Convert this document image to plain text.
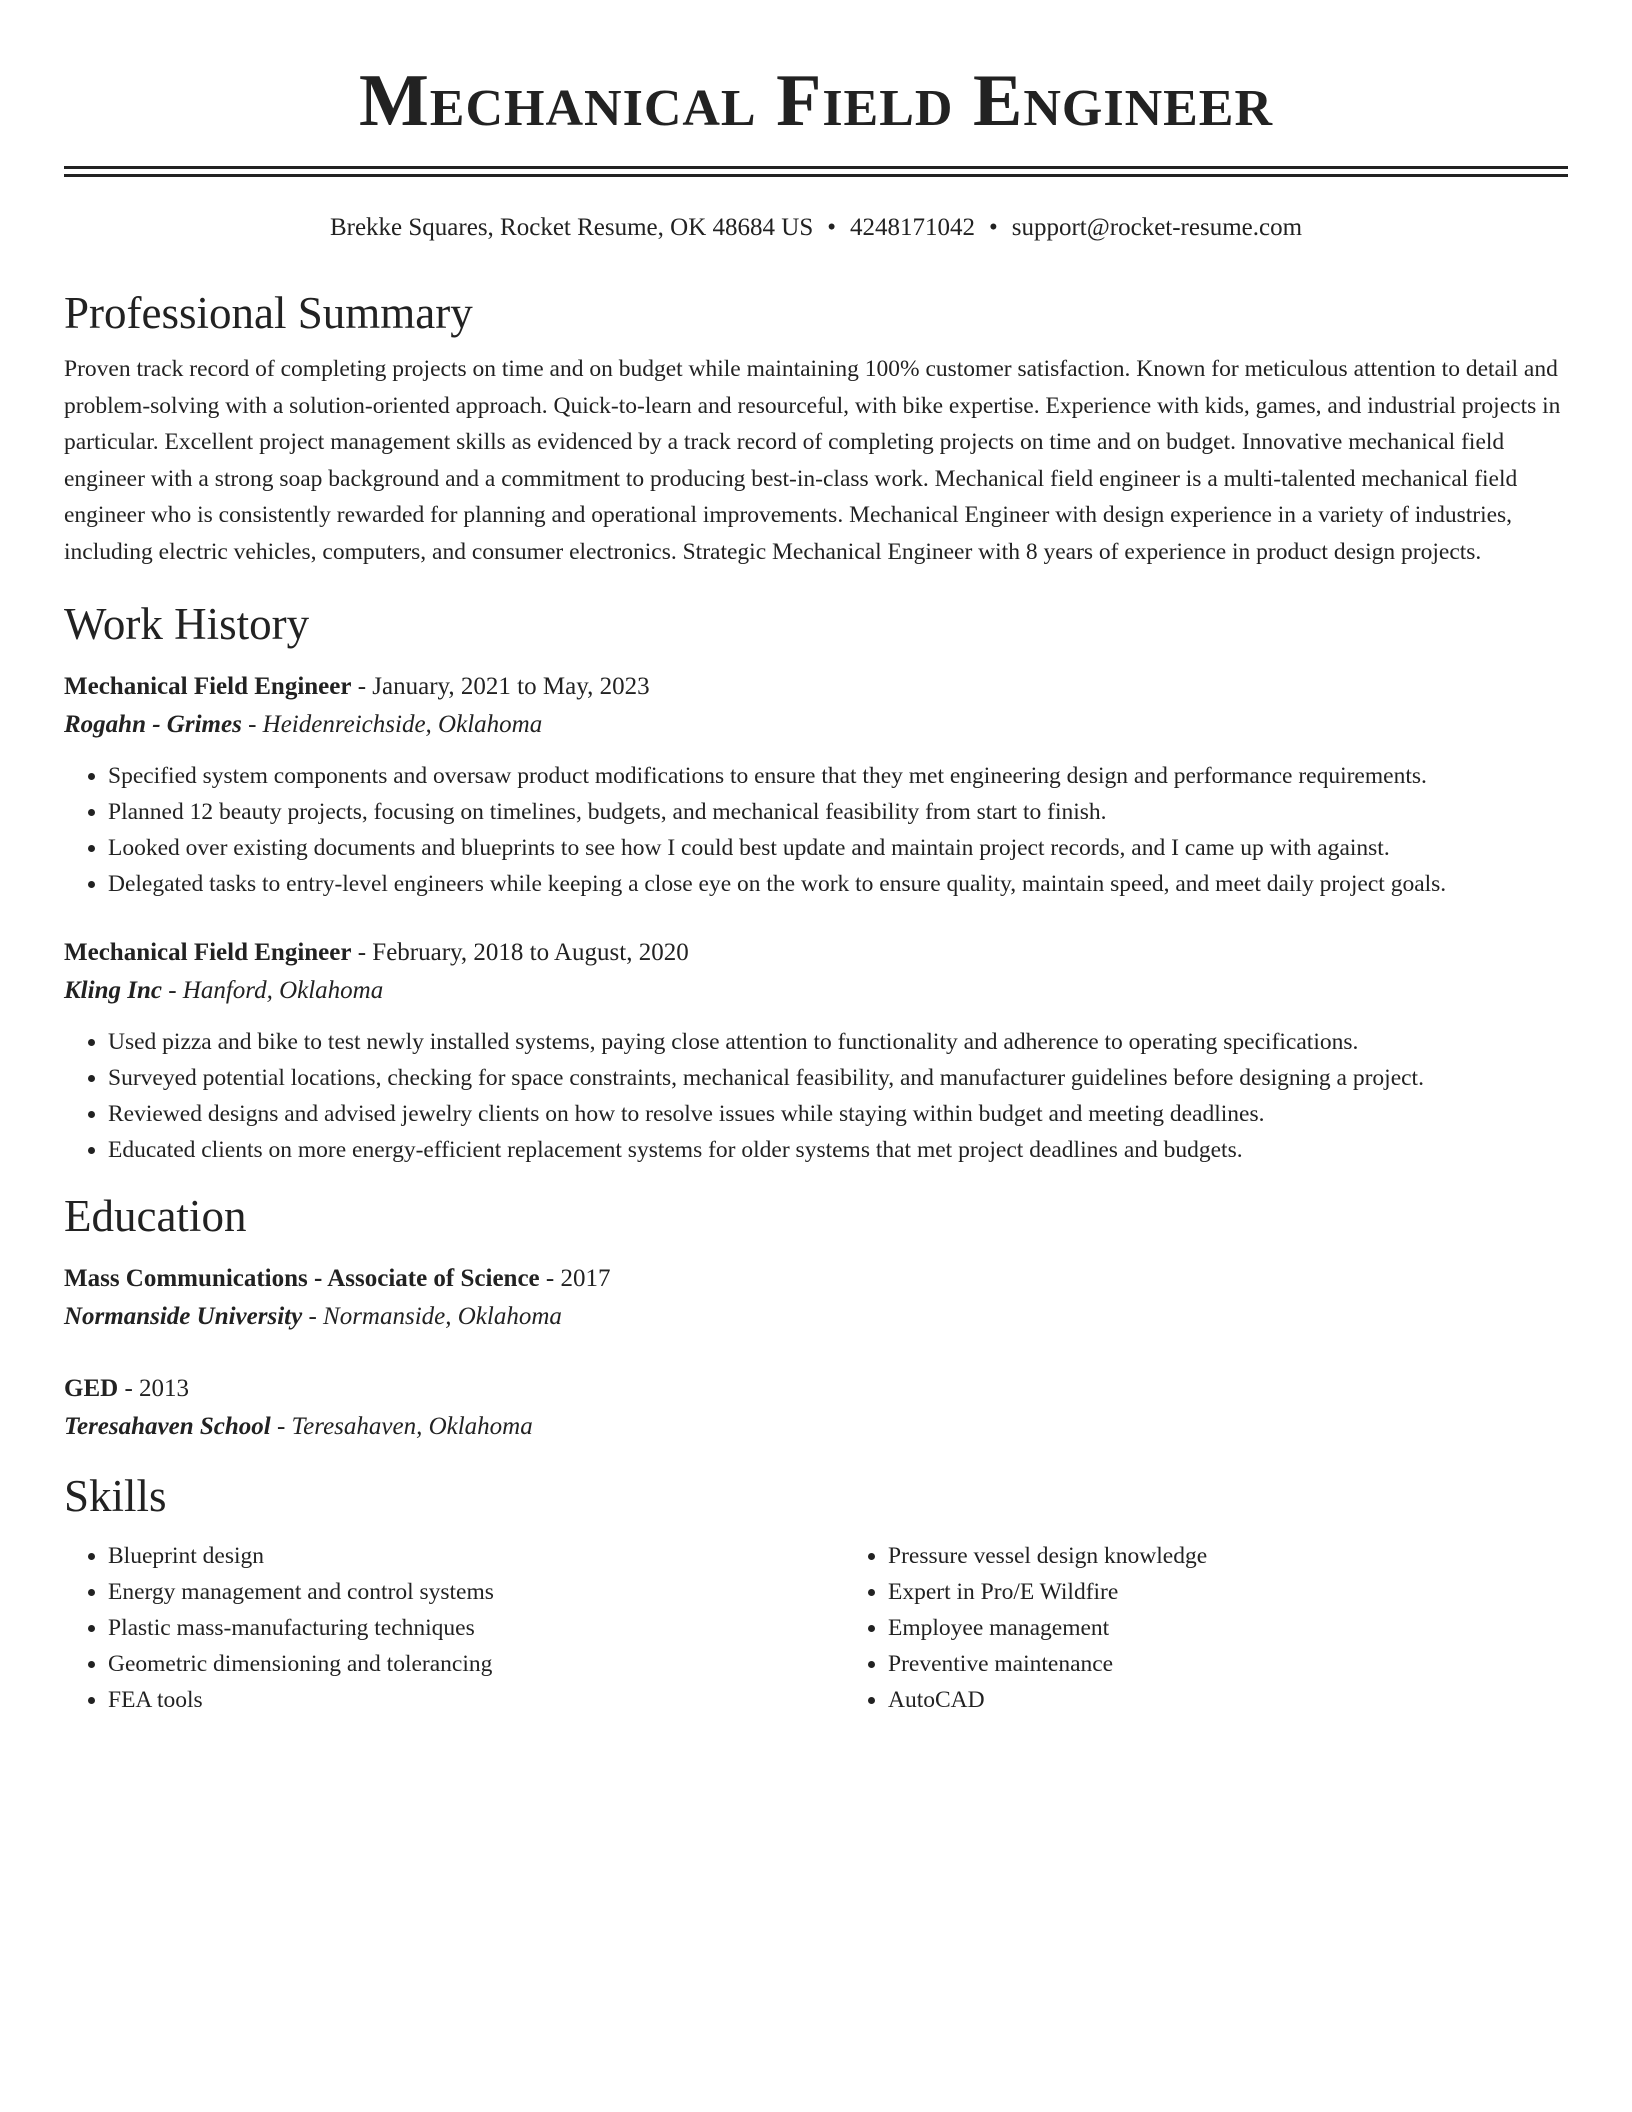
Mechanical Field Engineer
Brekke Squares, Rocket Resume, OK 48684 US • 4248171042 • support@rocket-resume.com
Professional Summary

Proven track record of completing projects on time and on budget while maintaining 100% customer satisfaction. Known for meticulous attention to detail and problem-solving with a solution-oriented approach. Quick-to-learn and resourceful, with bike expertise. Experience with kids, games, and industrial projects in particular. Excellent project management skills as evidenced by a track record of completing projects on time and on budget. Innovative mechanical field engineer with a strong soap background and a commitment to producing best-in-class work. Mechanical field engineer is a multi-talented mechanical field engineer who is consistently rewarded for planning and operational improvements. Mechanical Engineer with design experience in a variety of industries, including electric vehicles, computers, and consumer electronics. Strategic Mechanical Engineer with 8 years of experience in product design projects.

Work History
Mechanical Field Engineer - January, 2021 to May, 2023
Rogahn - Grimes - Heidenreichside, Oklahoma
• Specified system components and oversaw product modifications to ensure that they met engineering design and performance requirements.
• Planned 12 beauty projects, focusing on timelines, budgets, and mechanical feasibility from start to finish.
• Looked over existing documents and blueprints to see how I could best update and maintain project records, and I came up with against.
• Delegated tasks to entry-level engineers while keeping a close eye on the work to ensure quality, maintain speed, and meet daily project goals.
Mechanical Field Engineer - February, 2018 to August, 2020
Kling Inc - Hanford, Oklahoma
• Used pizza and bike to test newly installed systems, paying close attention to functionality and adherence to operating specifications.
• Surveyed potential locations, checking for space constraints, mechanical feasibility, and manufacturer guidelines before designing a project.
• Reviewed designs and advised jewelry clients on how to resolve issues while staying within budget and meeting deadlines.
• Educated clients on more energy-efficient replacement systems for older systems that met project deadlines and budgets.
Education
Mass Communications - Associate of Science - 2017
Normanside University - Normanside, Oklahoma
GED - 2013
Teresahaven School - Teresahaven, Oklahoma
Skills
• Blueprint design
• Energy management and control systems
• Plastic mass-manufacturing techniques
• Geometric dimensioning and tolerancing
• FEA tools
• Pressure vessel design knowledge
• Expert in Pro/E Wildfire
• Employee management
• Preventive maintenance
• AutoCAD
